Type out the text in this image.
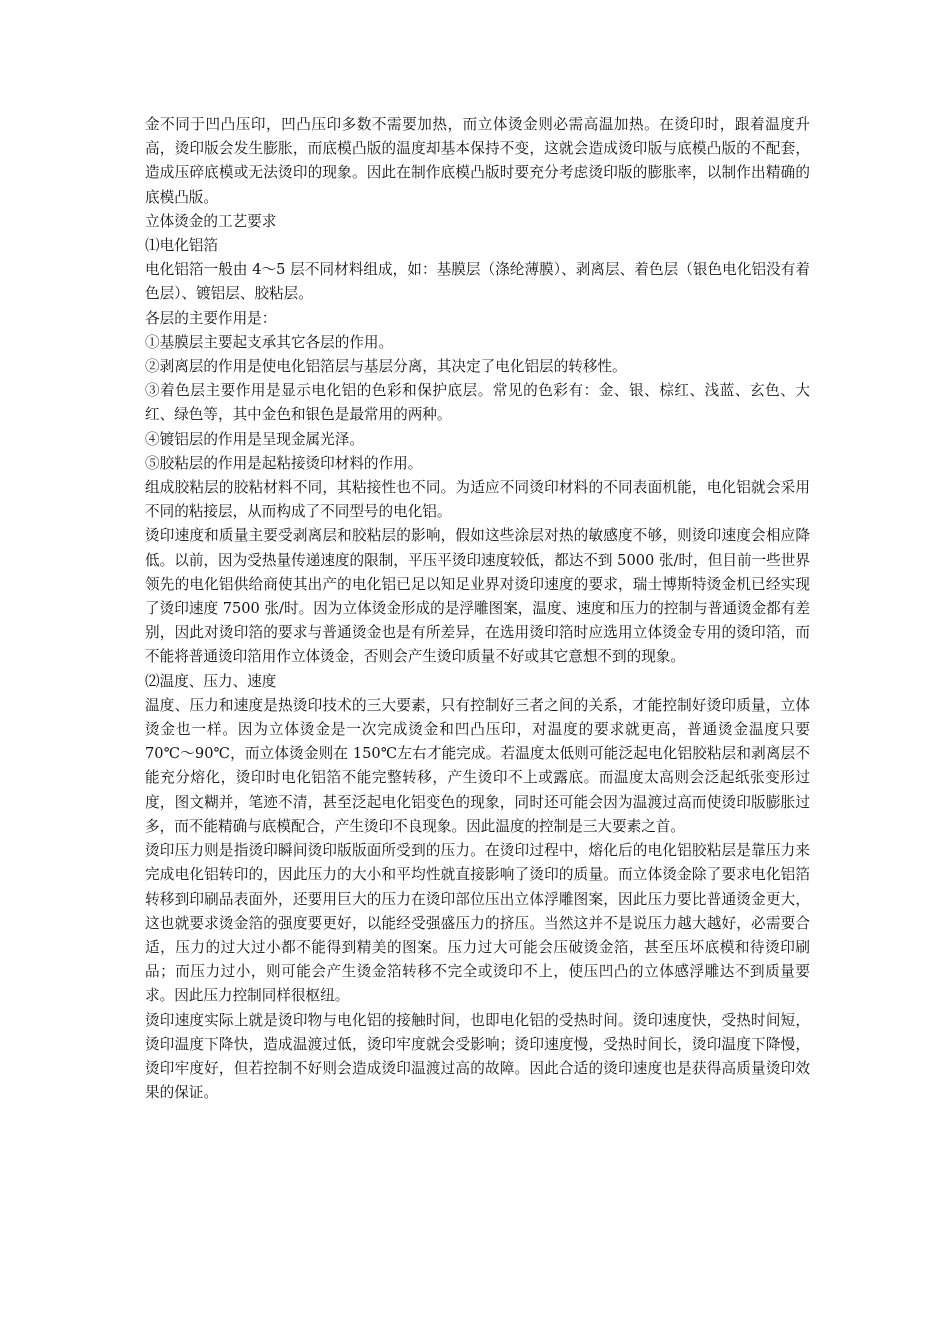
金不同于凹凸压印，凹凸压印多数不需要加热，而立体烫金则必需高温加热。在烫印时，跟着温度升高，烫印版会发生膨胀，而底模凸版的温度却基本保持不变，这就会造成烫印版与底模凸版的不配套，造成压碎底模或无法烫印的现象。因此在制作底模凸版时要充分考虑烫印版的膨胀率，以制作出精确的底模凸版。

立体烫金的工艺要求

⑴电化铝箔

电化铝箔一般由 4～5 层不同材料组成，如：基膜层（涤纶薄膜）、剥离层、着色层（银色电化铝没有着色层）、镀铝层、胶粘层。

各层的主要作用是：

①基膜层主要起支承其它各层的作用。

②剥离层的作用是使电化铝箔层与基层分离，其决定了电化铝层的转移性。

③着色层主要作用是显示电化铝的色彩和保护底层。常见的色彩有：金、银、棕红、浅蓝、玄色、大红、绿色等，其中金色和银色是最常用的两种。

④镀铝层的作用是呈现金属光泽。

⑤胶粘层的作用是起粘接烫印材料的作用。

组成胶粘层的胶粘材料不同，其粘接性也不同。为适应不同烫印材料的不同表面机能，电化铝就会采用不同的粘接层，从而构成了不同型号的电化铝。

烫印速度和质量主要受剥离层和胶粘层的影响，假如这些涂层对热的敏感度不够，则烫印速度会相应降低。以前，因为受热量传递速度的限制，平压平烫印速度较低，都达不到 5000 张/时，但目前一些世界领先的电化铝供给商使其出产的电化铝已足以知足业界对烫印速度的要求，瑞士博斯特烫金机已经实现了烫印速度 7500 张/时。因为立体烫金形成的是浮雕图案，温度、速度和压力的控制与普通烫金都有差别，因此对烫印箔的要求与普通烫金也是有所差异，在选用烫印箔时应选用立体烫金专用的烫印箔，而不能将普通烫印箔用作立体烫金，否则会产生烫印质量不好或其它意想不到的现象。

⑵温度、压力、速度

温度、压力和速度是热烫印技术的三大要素，只有控制好三者之间的关系，才能控制好烫印质量，立体烫金也一样。因为立体烫金是一次完成烫金和凹凸压印，对温度的要求就更高，普通烫金温度只要 70℃～90℃，而立体烫金则在 150℃左右才能完成。若温度太低则可能泛起电化铝胶粘层和剥离层不能充分熔化，烫印时电化铝箔不能完整转移，产生烫印不上或露底。而温度太高则会泛起纸张变形过度，图文糊并，笔迹不清，甚至泛起电化铝变色的现象，同时还可能会因为温渡过高而使烫印版膨胀过多，而不能精确与底模配合，产生烫印不良现象。因此温度的控制是三大要素之首。

烫印压力则是指烫印瞬间烫印版版面所受到的压力。在烫印过程中，熔化后的电化铝胶粘层是靠压力来完成电化铝转印的，因此压力的大小和平均性就直接影响了烫印的质量。而立体烫金除了要求电化铝箔转移到印刷品表面外，还要用巨大的压力在烫印部位压出立体浮雕图案，因此压力要比普通烫金更大，这也就要求烫金箔的强度要更好，以能经受强盛压力的挤压。当然这并不是说压力越大越好，必需要合适，压力的过大过小都不能得到精美的图案。压力过大可能会压破烫金箔，甚至压坏底模和待烫印刷品；而压力过小，则可能会产生烫金箔转移不完全或烫印不上，使压凹凸的立体感浮雕达不到质量要求。因此压力控制同样很枢纽。

烫印速度实际上就是烫印物与电化铝的接触时间，也即电化铝的受热时间。烫印速度快，受热时间短，烫印温度下降快，造成温渡过低，烫印牢度就会受影响；烫印速度慢，受热时间长，烫印温度下降慢，烫印牢度好，但若控制不好则会造成烫印温渡过高的故障。因此合适的烫印速度也是获得高质量烫印效果的保证。
